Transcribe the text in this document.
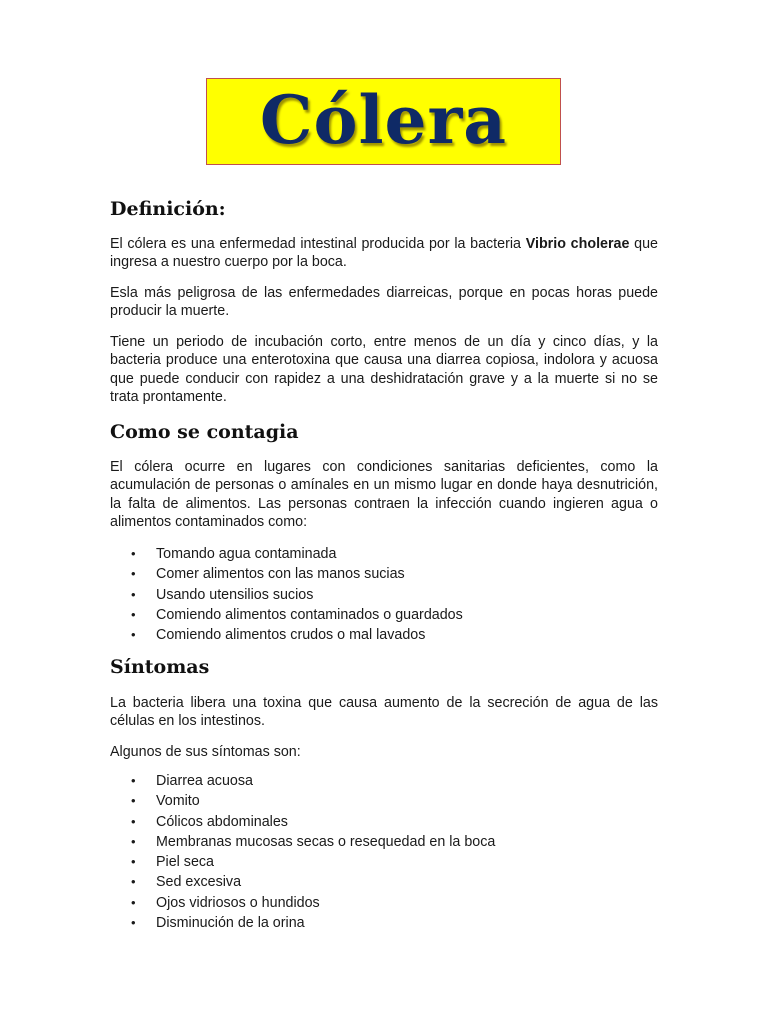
Cólera
Definición:

El cólera es una enfermedad intestinal producida por la bacteria Vibrio cholerae que ingresa a nuestro cuerpo por la boca.

Esla más peligrosa de las enfermedades diarreicas, porque en pocas horas puede producir la muerte.

Tiene un periodo de incubación corto, entre menos de un día y cinco días, y la bacteria produce una enterotoxina que causa una diarrea copiosa, indolora y acuosa que puede conducir con rapidez a una deshidratación grave y a la muerte si no se trata prontamente.

Como se contagia

El cólera ocurre en lugares con condiciones sanitarias deficientes, como la acumulación de personas o amínales en un mismo lugar en donde haya desnutrición, la falta de alimentos. Las personas contraen la infección cuando ingieren agua o alimentos contaminados como:

• Tomando agua contaminada
• Comer alimentos con las manos sucias
• Usando utensilios sucios
• Comiendo alimentos contaminados o guardados
• Comiendo alimentos crudos o mal lavados
Síntomas

La bacteria libera una toxina que causa aumento de la secreción de agua de las células en los intestinos.

Algunos de sus síntomas son:

• Diarrea acuosa
• Vomito
• Cólicos abdominales
• Membranas mucosas secas o resequedad en la boca
• Piel seca
• Sed excesiva
• Ojos vidriosos o hundidos
• Disminución de la orina
